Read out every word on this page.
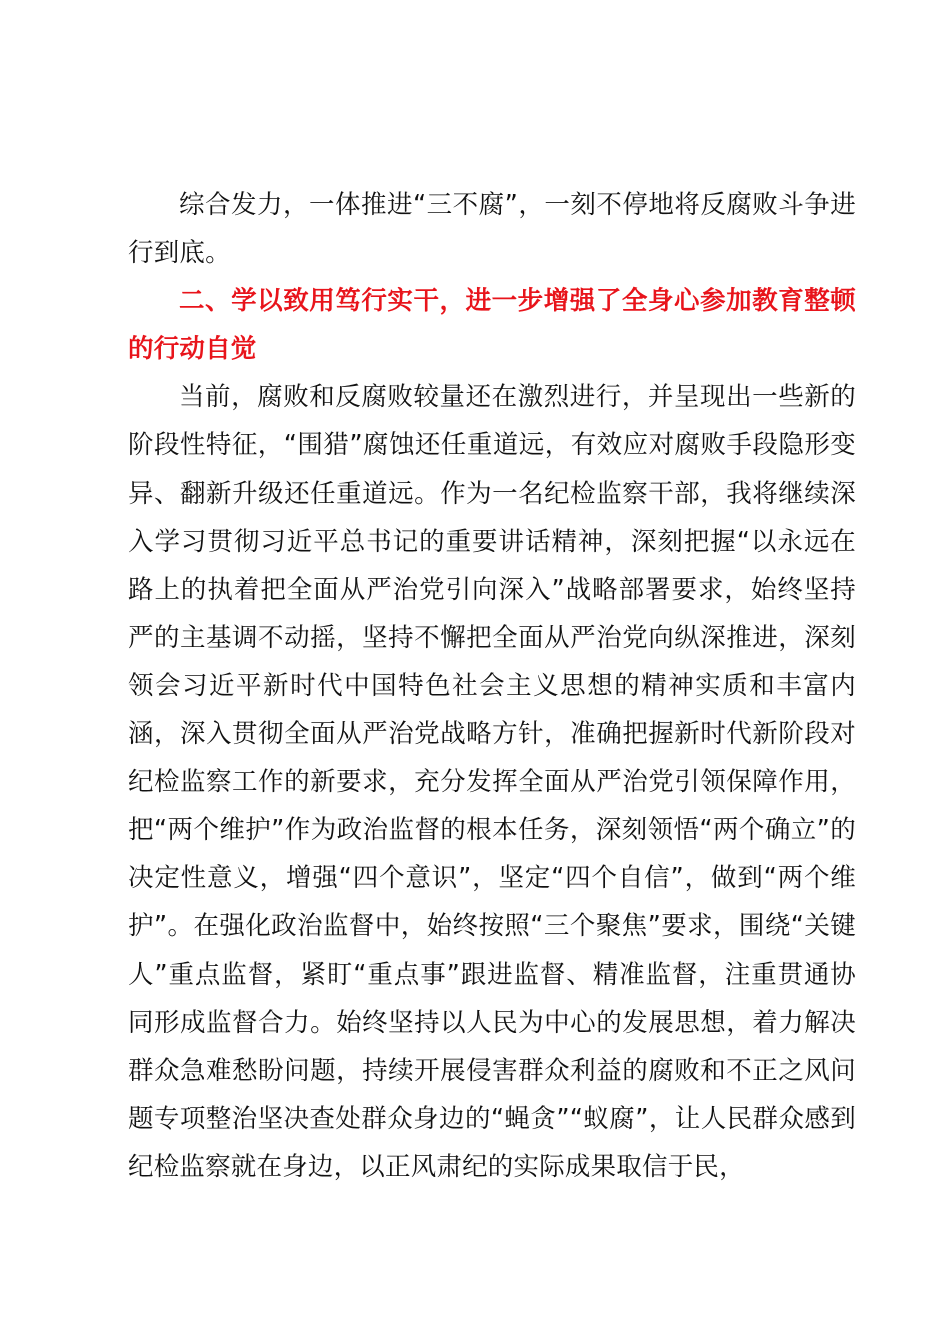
综合发力，一体推进“三不腐”，一刻不停地将反腐败斗争进行到底。

二、学以致用笃行实干，进一步增强了全身心参加教育整顿的行动自觉

当前，腐败和反腐败较量还在激烈进行，并呈现出一些新的阶段性特征，“围猎”腐蚀还任重道远，有效应对腐败手段隐形变异、翻新升级还任重道远。作为一名纪检监察干部，我将继续深入学习贯彻习近平总书记的重要讲话精神，深刻把握“以永远在路上的执着把全面从严治党引向深入”战略部署要求，始终坚持严的主基调不动摇，坚持不懈把全面从严治党向纵深推进，深刻领会习近平新时代中国特色社会主义思想的精神实质和丰富内涵，深入贯彻全面从严治党战略方针，准确把握新时代新阶段对纪检监察工作的新要求，充分发挥全面从严治党引领保障作用，把“两个维护”作为政治监督的根本任务，深刻领悟“两个确立”的决定性意义，增强“四个意识”，坚定“四个自信”，做到“两个维护”。在强化政治监督中，始终按照“三个聚焦”要求，围绕“关键人”重点监督，紧盯“重点事”跟进监督、精准监督，注重贯通协同形成监督合力。始终坚持以人民为中心的发展思想，着力解决群众急难愁盼问题，持续开展侵害群众利益的腐败和不正之风问题专项整治坚决查处群众身边的“蝇贪”“蚁腐”，让人民群众感到纪检监察就在身边，以正风肃纪的实际成果取信于民，
